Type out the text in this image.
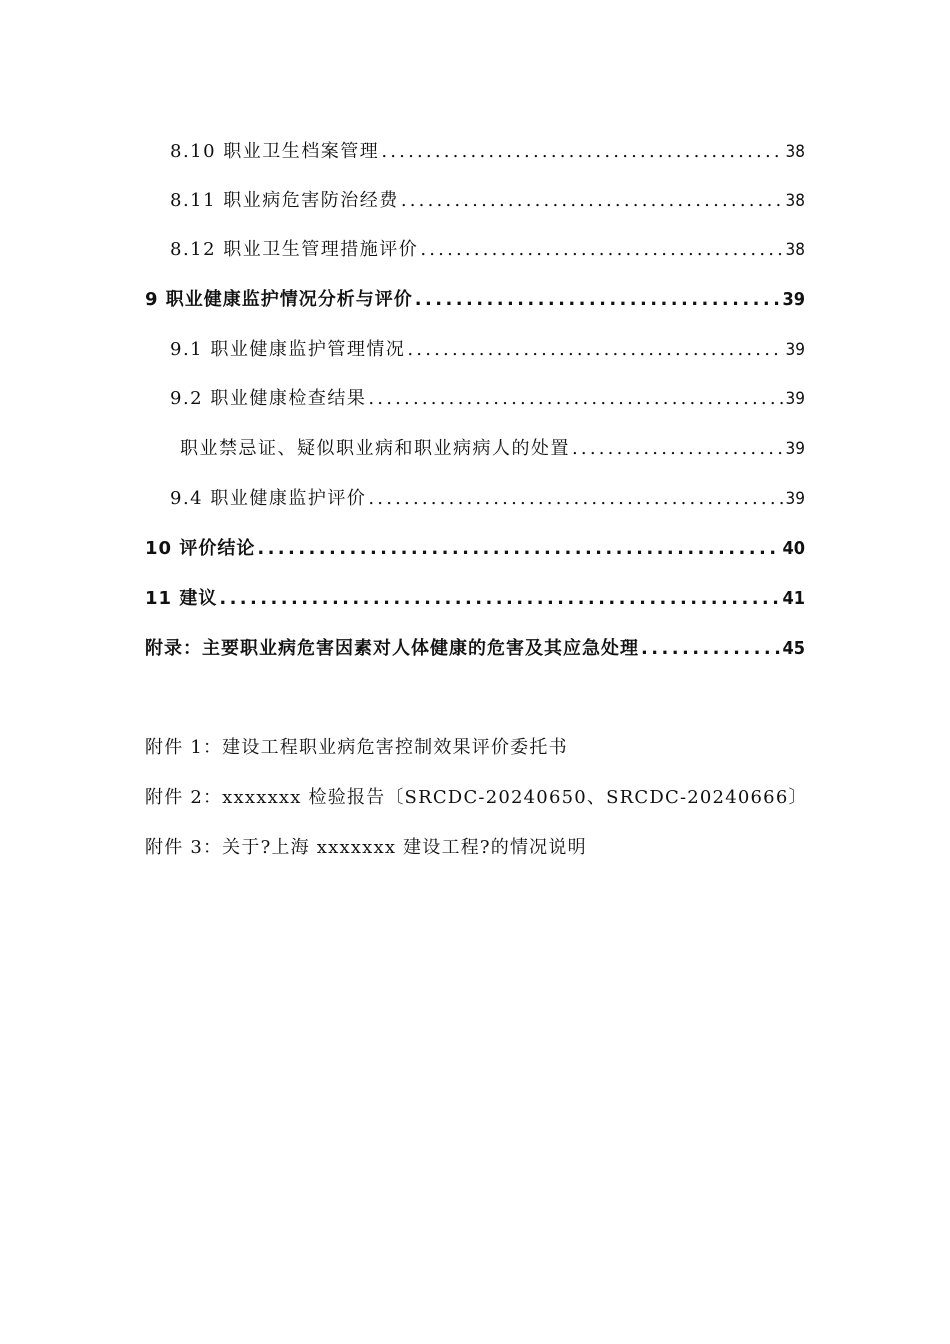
8.10 职业卫生档案管理 .....	38
8.11 职业病危害防治经费 .....	38
8.12 职业卫生管理措施评价 .....	38
9 职业健康监护情况分析与评价 .....	39
9.1 职业健康监护管理情况 .....	39
9.2 职业健康检查结果 .....	39
职业禁忌证、疑似职业病和职业病病人的处置 .....	39
9.4 职业健康监护评价 .....	39
10 评价结论 .....	40
11 建议 .....	41
附录：主要职业病危害因素对人体健康的危害及其应急处理 .....	45
附件 1：建设工程职业病危害控制效果评价委托书
附件 2：xxxxxxx 检验报告〔SRCDC-20240650、SRCDC-20240666〕
附件 3：关于?上海 xxxxxxx 建设工程?的情况说明
